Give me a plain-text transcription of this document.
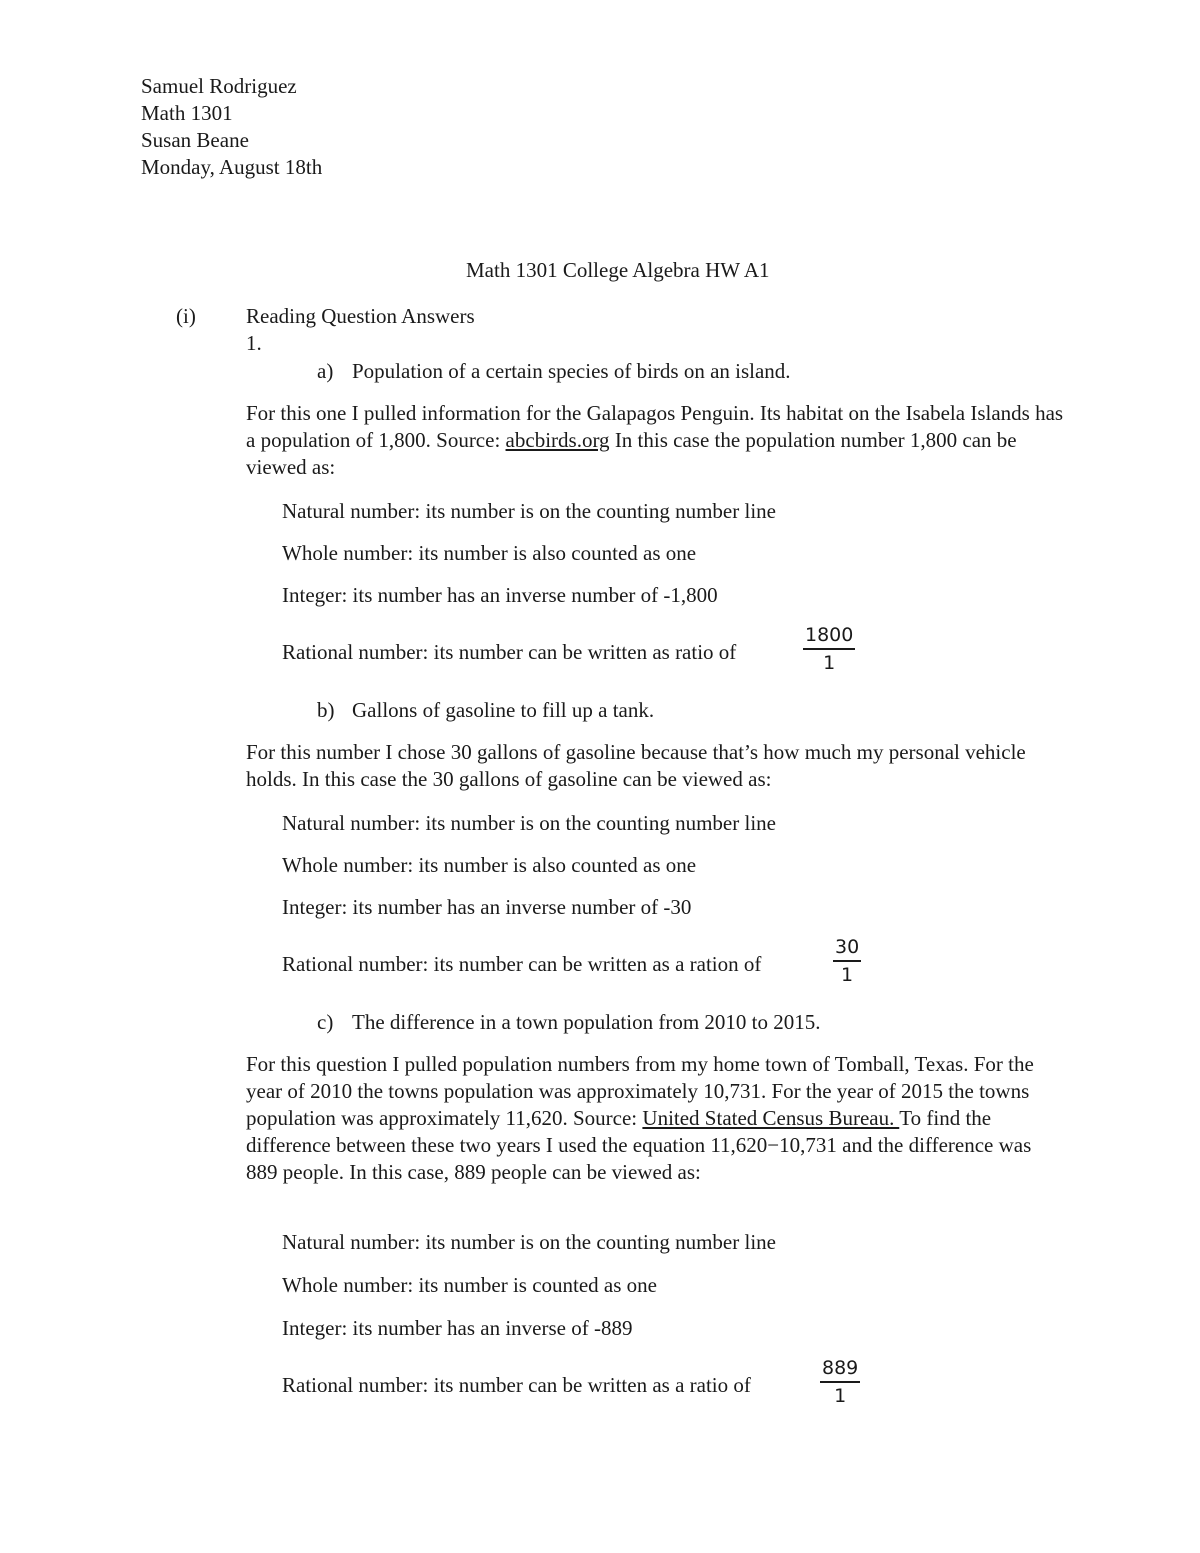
Samuel Rodriguez
Math 1301
Susan Beane
Monday, August 18th
Math 1301 College Algebra HW A1
(i) Reading Question Answers
1.
a) Population of a certain species of birds on an island.
For this one I pulled information for the Galapagos Penguin. Its habitat on the Isabela Islands has a population of 1,800. Source: abcbirds.org In this case the population number 1,800 can be viewed as:
Natural number: its number is on the counting number line
Whole number: its number is also counted as one
Integer: its number has an inverse number of -1,800
Rational number: its number can be written as ratio of	$\frac{1800}{1}$
b) Gallons of gasoline to fill up a tank.
For this number I chose 30 gallons of gasoline because that’s how much my personal vehicle holds. In this case the 30 gallons of gasoline can be viewed as:
Natural number: its number is on the counting number line
Whole number: its number is also counted as one
Integer: its number has an inverse number of -30
Rational number: its number can be written as a ration of	$\frac{30}{1}$
c) The difference in a town population from 2010 to 2015.
For this question I pulled population numbers from my home town of Tomball, Texas. For the year of 2010 the towns population was approximately 10,731. For the year of 2015 the towns population was approximately 11,620. Source: United Stated Census Bureau. To find the difference between these two years I used the equation 11,620−10,731 and the difference was 889 people. In this case, 889 people can be viewed as:
Natural number: its number is on the counting number line
Whole number: its number is counted as one
Integer: its number has an inverse of -889
Rational number: its number can be written as a ratio of	$\frac{889}{1}$
